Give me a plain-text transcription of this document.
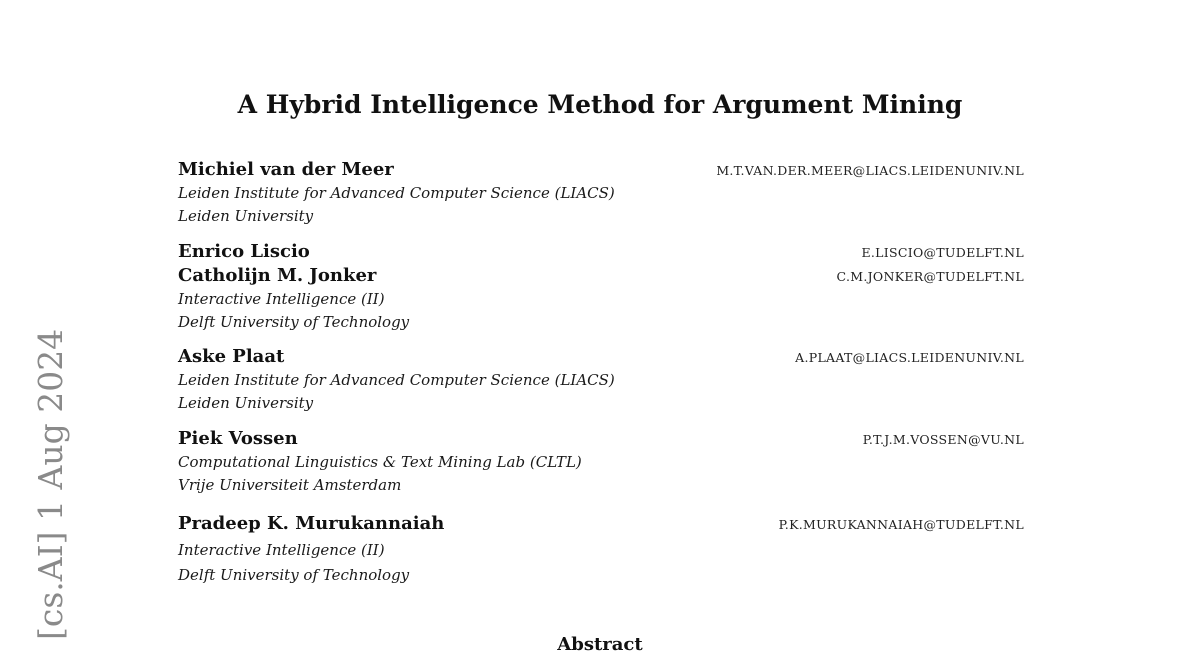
[cs.AI] 1 Aug 2024
A Hybrid Intelligence Method for Argument Mining
Michiel van der Meer	M.T.VAN.DER.MEER@LIACS.LEIDENUNIV.NL
Leiden Institute for Advanced Computer Science (LIACS)
Leiden University
Enrico Liscio	E.LISCIO@TUDELFT.NL
Catholijn M. Jonker	C.M.JONKER@TUDELFT.NL
Interactive Intelligence (II)
Delft University of Technology
Aske Plaat	A.PLAAT@LIACS.LEIDENUNIV.NL
Leiden Institute for Advanced Computer Science (LIACS)
Leiden University
Piek Vossen	P.T.J.M.VOSSEN@VU.NL
Computational Linguistics & Text Mining Lab (CLTL)
Vrije Universiteit Amsterdam
Pradeep K. Murukannaiah	P.K.MURUKANNAIAH@TUDELFT.NL
Interactive Intelligence (II)
Delft University of Technology
Abstract
